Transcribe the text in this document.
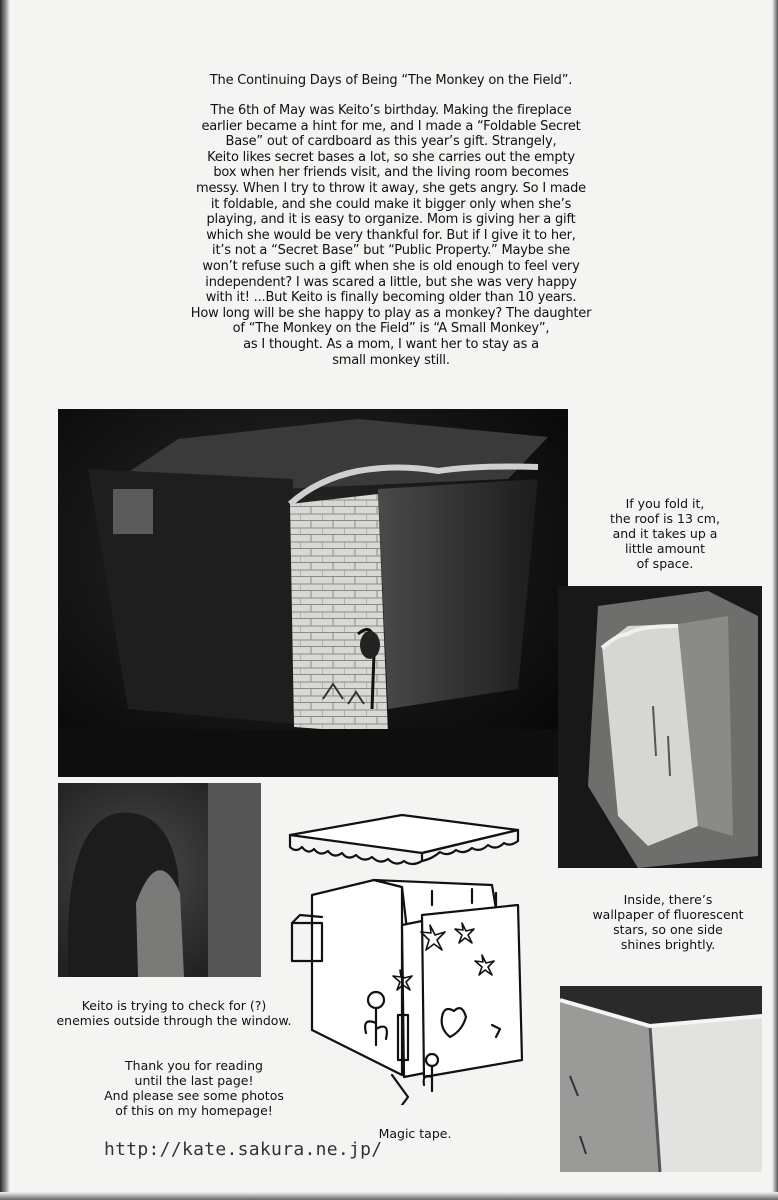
The Continuing Days of Being “The Monkey on the Field”.
The 6th of May was Keito’s birthday. Making the fireplace
earlier became a hint for me, and I made a “Foldable Secret
Base” out of cardboard as this year’s gift. Strangely,
Keito likes secret bases a lot, so she carries out the empty
box when her friends visit, and the living room becomes
messy. When I try to throw it away, she gets angry. So I made
it foldable, and she could make it bigger only when she’s
playing, and it is easy to organize. Mom is giving her a gift
which she would be very thankful for. But if I give it to her,
it’s not a “Secret Base” but “Public Property.” Maybe she
won’t refuse such a gift when she is old enough to feel very
independent? I was scared a little, but she was very happy
with it! ...But Keito is finally becoming older than 10 years.
How long will be she happy to play as a monkey? The daughter
of “The Monkey on the Field” is “A Small Monkey”,
as I thought. As a mom, I want her to stay as a
small monkey still.
If you fold it,
the roof is 13 cm,
and it takes up a
little amount
of space.
Inside, there’s
wallpaper of fluorescent
stars, so one side
shines brightly.
Keito is trying to check for (?)
enemies outside through the window.
Thank you for reading
until the last page!
And please see some photos
of this on my homepage!
Magic tape.
http://kate.sakura.ne.jp/
